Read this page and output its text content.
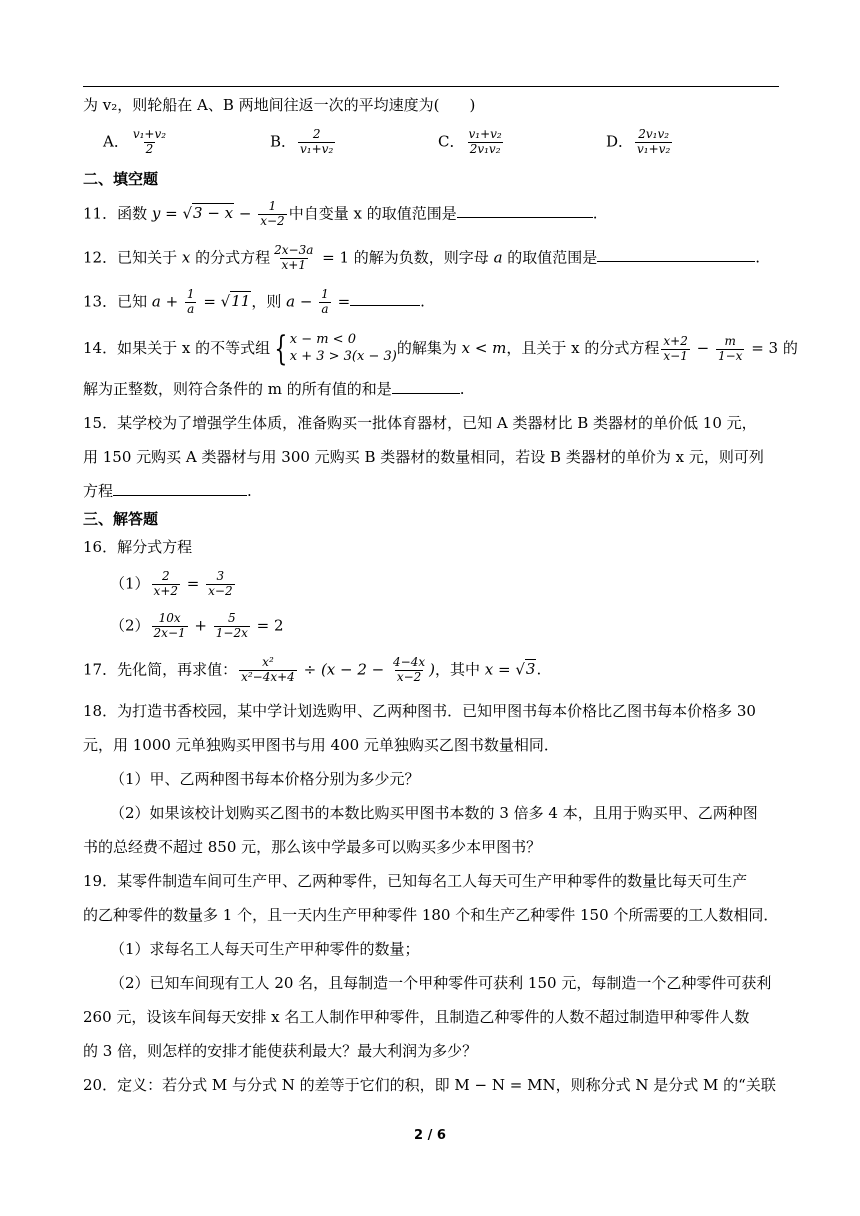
为 v₂，则轮船在 A、B 两地间往返一次的平均速度为(　　)
A． $\frac{\text{v₁+v₂}}{2}$	B． $\frac{2}{\text{v₁+v₂}}$	C． $\frac{\text{v₁+v₂}}{\text{2v₁v₂}}$	D． $\frac{\text{2v₁v₂}}{\text{v₁+v₂}}$
二、填空题
11．函数 $y = √3 - x - \frac{1}{x-2}$ 中自变量 x 的取值范围是	.
12．已知关于 x 的分式方程 $\frac{2x-3a}{x+1} = 1$ 的解为负数，则字母 a 的取值范围是	.
13．已知 $a + \frac{1}{a} = √11$，则 $a - \frac{1}{a}$ =	.
14．如果关于 x 的不等式组 { x − m < 0
x + 3 > 3(x − 3) 的解集为 x < m，且关于 x 的分式方程 $\frac{x+2}{x-1} - \frac{m}{1-x} = 3$ 的
解为正整数，则符合条件的 m 的所有值的和是	.
15．某学校为了增强学生体质，准备购买一批体育器材，已知 A 类器材比 B 类器材的单价低 10 元，
用 150 元购买 A 类器材与用 300 元购买 B 类器材的数量相同，若设 B 类器材的单价为 x 元，则可列
方程	.
三、解答题
16．解分式方程
$(1) \frac{2}{x+2} = \frac{3}{x-2}$
$(2) \frac{10x}{2x-1} + \frac{5}{1-2x} = 2$
17．先化简，再求值： $\frac{\text{x²}}{\text{x²−4x+4}} \div (x - 2 - \frac{4-4x}{x-2}$ )，其中 x = √3.
18．为打造书香校园，某中学计划选购甲、乙两种图书．已知甲图书每本价格比乙图书每本价格多 30
元，用 1000 元单独购买甲图书与用 400 元单独购买乙图书数量相同．
（1）甲、乙两种图书每本价格分别为多少元？
（2）如果该校计划购买乙图书的本数比购买甲图书本数的 3 倍多 4 本，且用于购买甲、乙两种图
书的总经费不超过 850 元，那么该中学最多可以购买多少本甲图书？
19．某零件制造车间可生产甲、乙两种零件，已知每名工人每天可生产甲种零件的数量比每天可生产
的乙种零件的数量多 1 个，且一天内生产甲种零件 180 个和生产乙种零件 150 个所需要的工人数相同．
（1）求每名工人每天可生产甲种零件的数量；
（2）已知车间现有工人 20 名，且每制造一个甲种零件可获利 150 元，每制造一个乙种零件可获利
260 元，设该车间每天安排 x 名工人制作甲种零件，且制造乙种零件的人数不超过制造甲种零件人数
的 3 倍，则怎样的安排才能使获利最大？最大利润为多少？
20．定义：若分式 M 与分式 N 的差等于它们的积，即 M − N = MN，则称分式 N 是分式 M 的“关联
2 / 6
